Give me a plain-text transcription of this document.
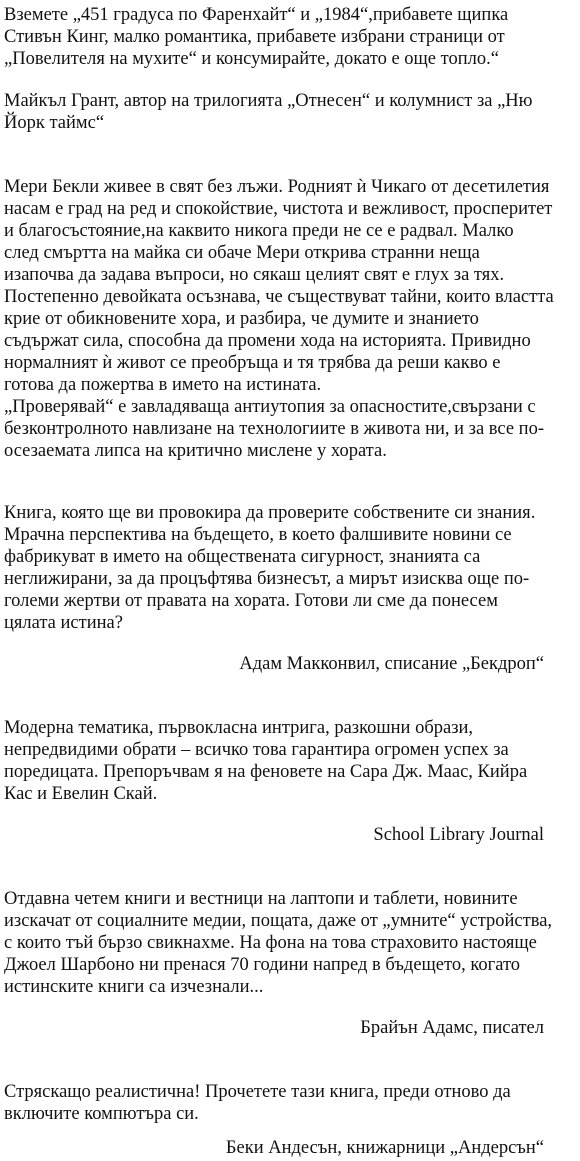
Вземете „451 градуса по Фаренхайт“ и „1984“,прибавете щипка
Стивън Кинг, малко романтика, прибавете избрани страници от
„Повелителя на мухите“ и консумирайте, докато е още топло.“
Майкъл Грант, автор на трилогията „Отнесен“ и колумнист за „Ню
Йорк таймс“
Мери Бекли живее в свят без лъжи. Родният ѝ Чикаго от десетилетия
насам е град на ред и спокойствие, чистота и вежливост, просперитет
и благосъстояние,на каквито никога преди не се е радвал. Малко
след смъртта на майка си обаче Мери открива странни неща
изапочва да задава въпроси, но сякаш целият свят е глух за тях.
Постепенно девойката осъзнава, че съществуват тайни, които властта
крие от обикновените хора, и разбира, че думите и знанието
съдържат сила, способна да промени хода на историята. Привидно
нормалният ѝ живот се преобръща и тя трябва да реши какво е
готова да пожертва в името на истината.
„Проверявай“ е завладяваща антиутопия за опасностите,свързани с
безконтролното навлизане на технологиите в живота ни, и за все по-
осезаемата липса на критично мислене у хората.
Книга, която ще ви провокира да проверите собствените си знания.
Мрачна перспектива на бъдещето, в което фалшивите новини се
фабрикуват в името на обществената сигурност, знанията са
неглижирани, за да процъфтява бизнесът, а мирът изисква още по-
големи жертви от правата на хората. Готови ли сме да понесем
цялата истина?
Адам Макконвил, списание „Бекдроп“
Модерна тематика, първокласна интрига, разкошни образи,
непредвидими обрати – всичко това гарантира огромен успех за
поредицата. Препоръчвам я на феновете на Сара Дж. Маас, Кийра
Кас и Евелин Скай.
School Library Journal
Отдавна четем книги и вестници на лаптопи и таблети, новините
изскачат от социалните медии, пощата, даже от „умните“ устройства,
с които тъй бързо свикнахме. На фона на това страховито настояще
Джоел Шарбоно ни пренася 70 години напред в бъдещето, когато
истинските книги са изчезнали...
Брайън Адамс, писател
Стряскащо реалистична! Прочетете тази книга, преди отново да
включите компютъра си.
Беки Андесън, книжарници „Андерсън“
